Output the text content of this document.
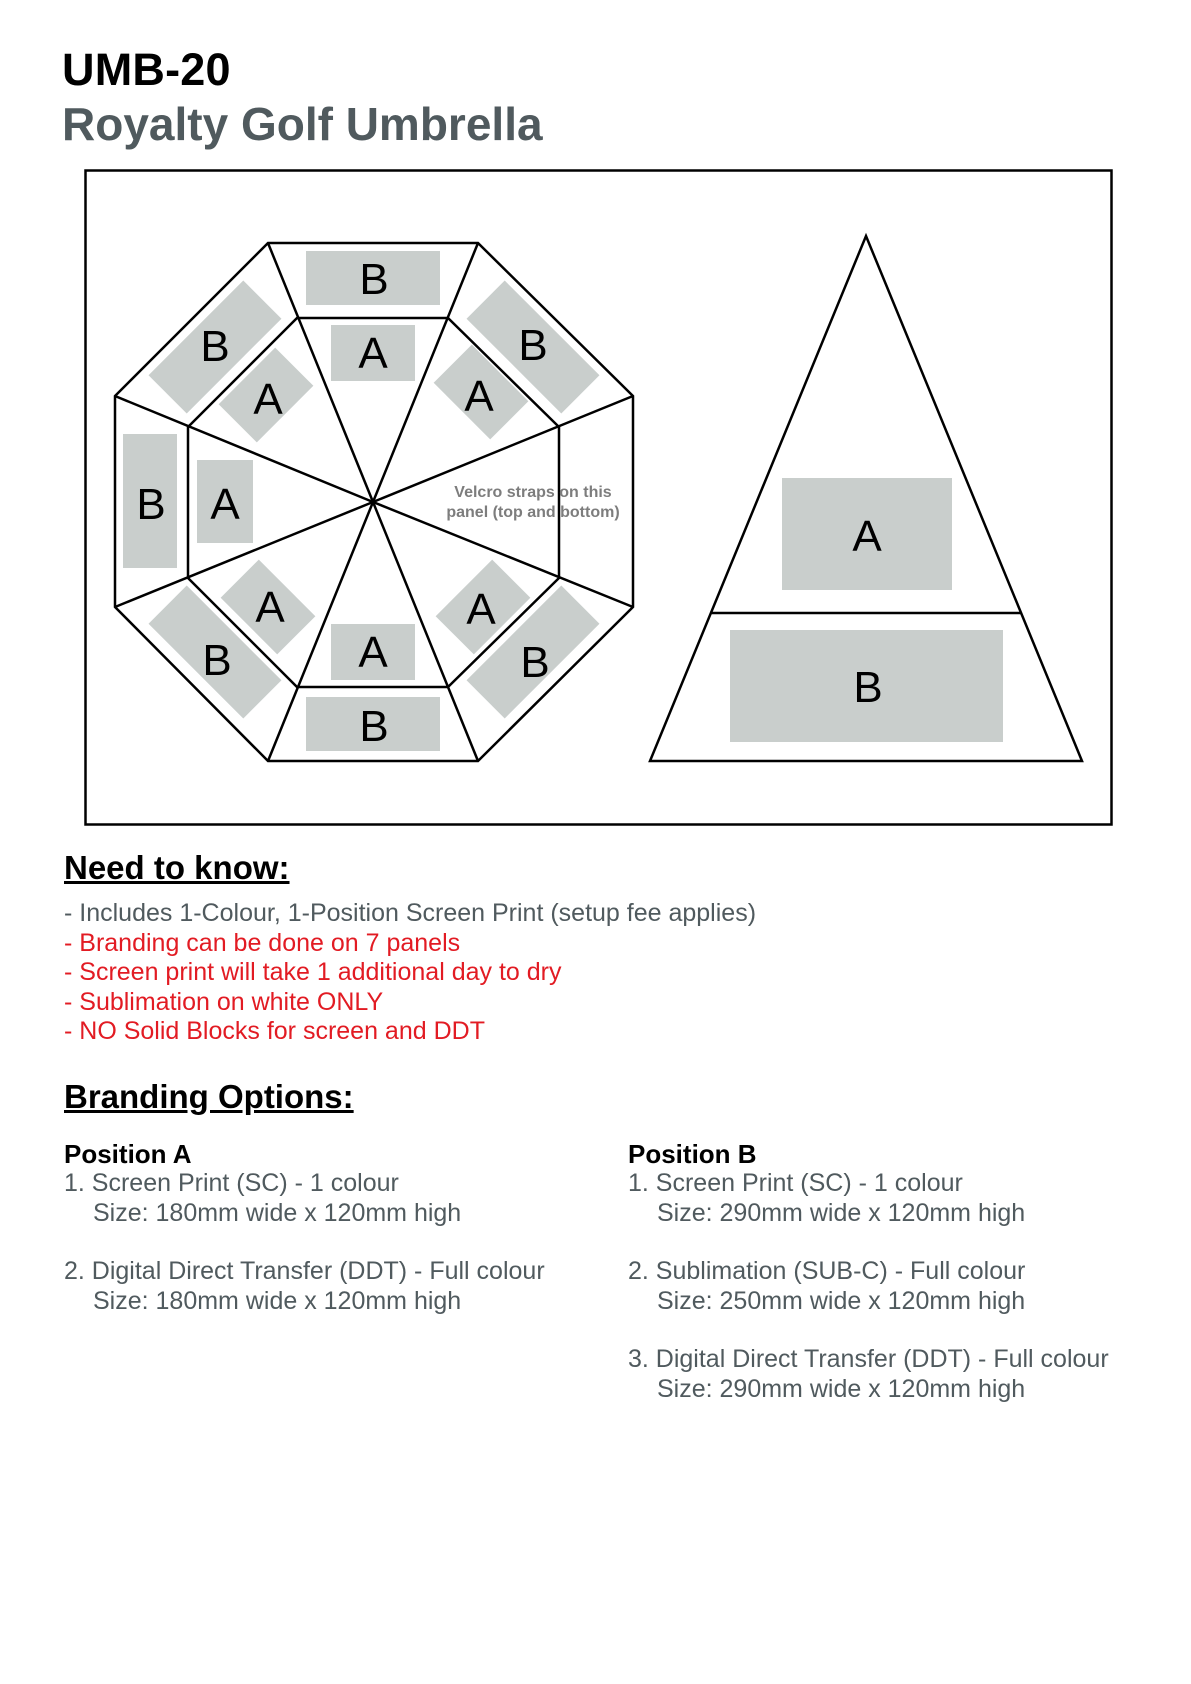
UMB-20
Royalty Golf Umbrella
B
B
B
B	B
B	B
A
A
A
A	A
A	A
Velcro straps on this
panel (top and bottom)	A
B
Need to know:
- Includes 1-Colour, 1-Position Screen Print (setup fee applies)
- Branding can be done on 7 panels
- Screen print will take 1 additional day to dry
- Sublimation on white ONLY
- NO Solid Blocks for screen and DDT
Branding Options:
Position A

1. Screen Print (SC) - 1 colour
Size: 180mm wide x 120mm high

2. Digital Direct Transfer (DDT) - Full colour
Size: 180mm wide x 120mm high

Position B

1. Screen Print (SC) - 1 colour
Size: 290mm wide x 120mm high

2. Sublimation (SUB-C) - Full colour
Size: 250mm wide x 120mm high

3. Digital Direct Transfer (DDT) - Full colour
Size: 290mm wide x 120mm high
